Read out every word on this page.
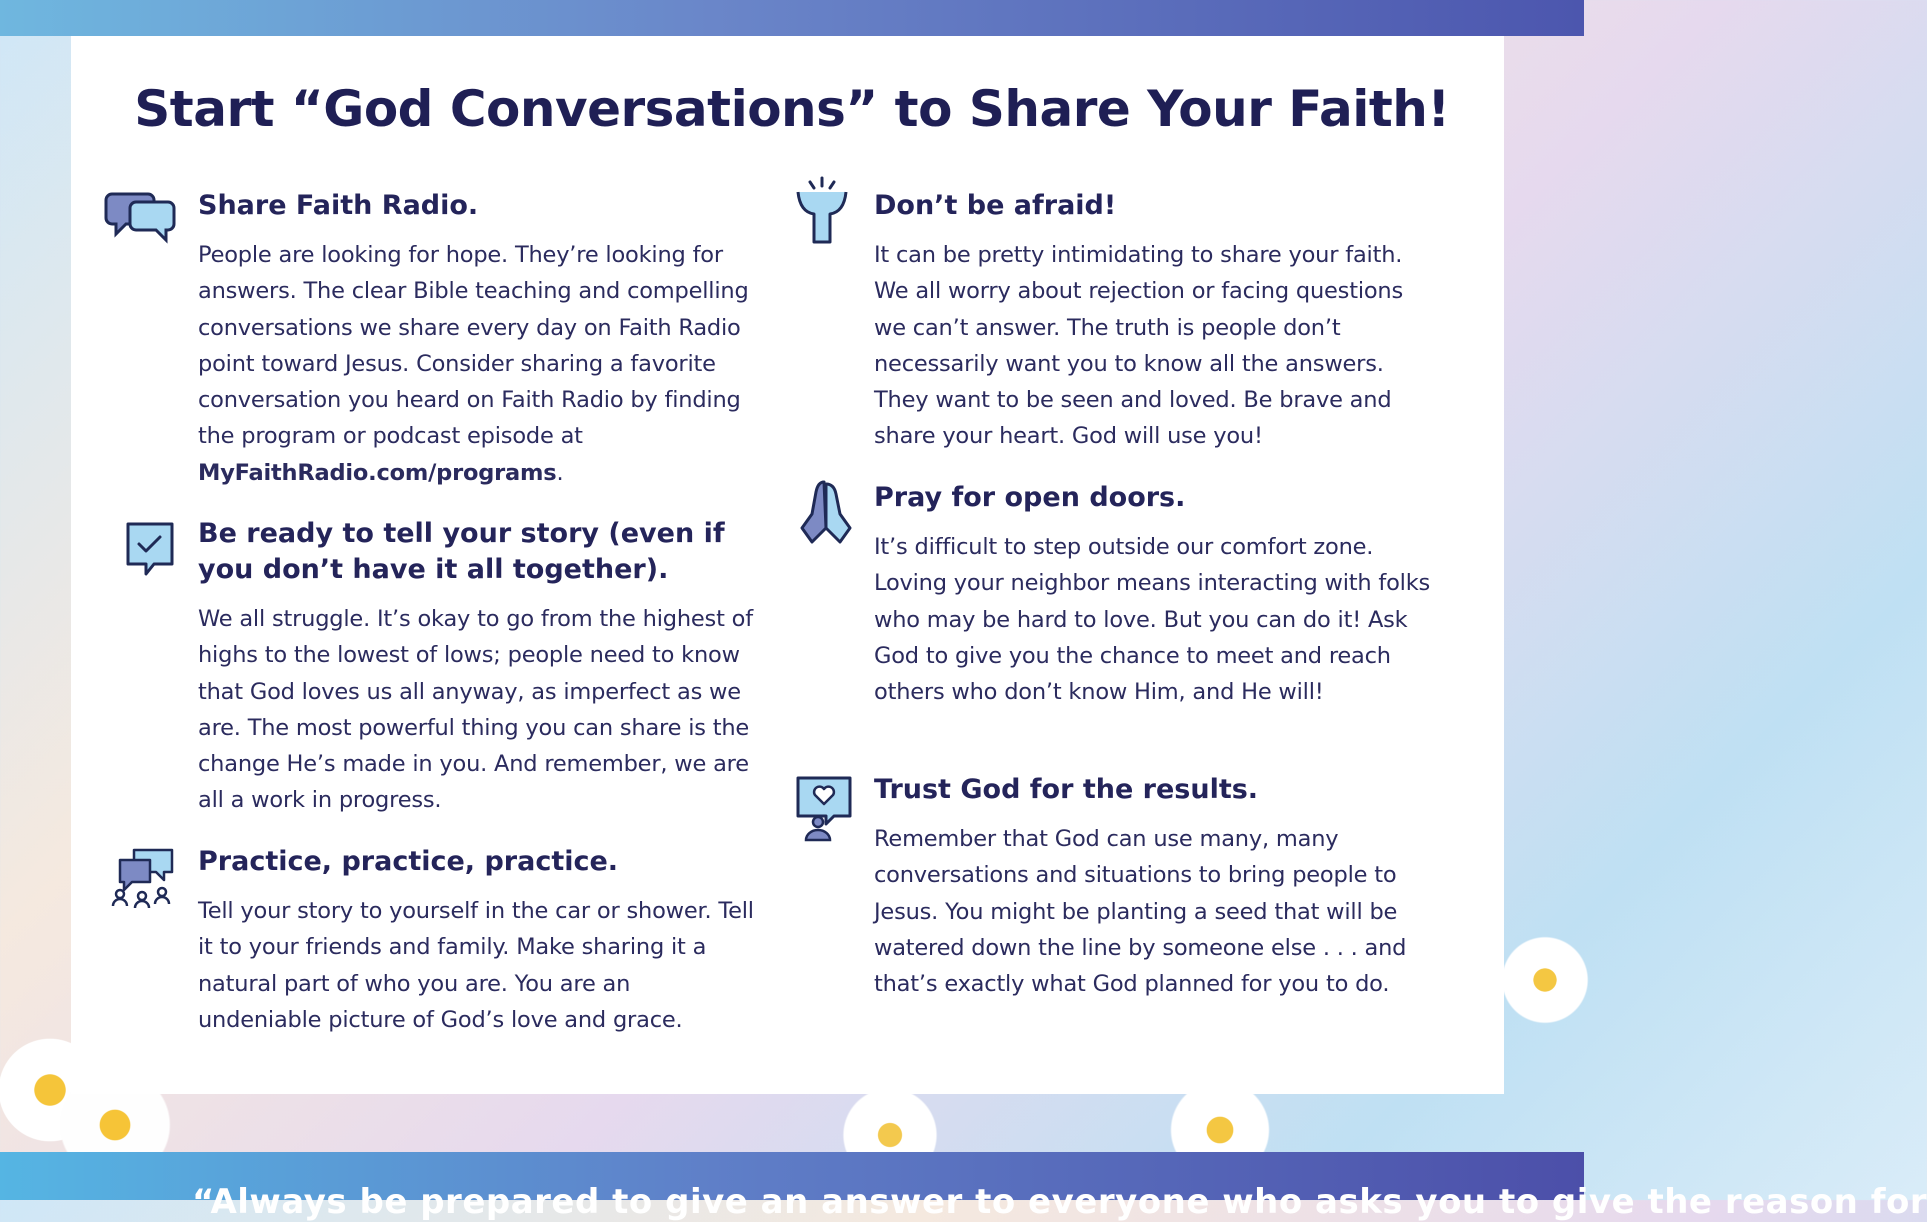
Start “God Conversations” to Share Your Faith!
Share Faith Radio.

People are looking for hope. They’re looking for answers. The clear Bible teaching and compelling conversations we share every day on Faith Radio point toward Jesus. Consider sharing a favorite conversation you heard on Faith Radio by finding the program or podcast episode at MyFaithRadio.com/programs.

Be ready to tell your story (even if you don’t have it all together).

We all struggle. It’s okay to go from the highest of highs to the lowest of lows; people need to know that God loves us all anyway, as imperfect as we are. The most powerful thing you can share is the change He’s made in you. And remember, we are all a work in progress.

Practice, practice, practice.

Tell your story to yourself in the car or shower. Tell it to your friends and family. Make sharing it a natural part of who you are. You are an undeniable picture of God’s love and grace.

Don’t be afraid!

It can be pretty intimidating to share your faith. We all worry about rejection or facing questions we can’t answer. The truth is people don’t necessarily want you to know all the answers. They want to be seen and loved. Be brave and share your heart. God will use you!

Pray for open doors.

It’s difficult to step outside our comfort zone. Loving your neighbor means interacting with folks who may be hard to love. But you can do it! Ask God to give you the chance to meet and reach others who don’t know Him, and He will!

Trust God for the results.

Remember that God can use many, many conversations and situations to bring people to Jesus. You might be planting a seed that will be watered down the line by someone else . . . and that’s exactly what God planned for you to do.

“Always be prepared to give an answer to everyone who asks you to give the reason for
